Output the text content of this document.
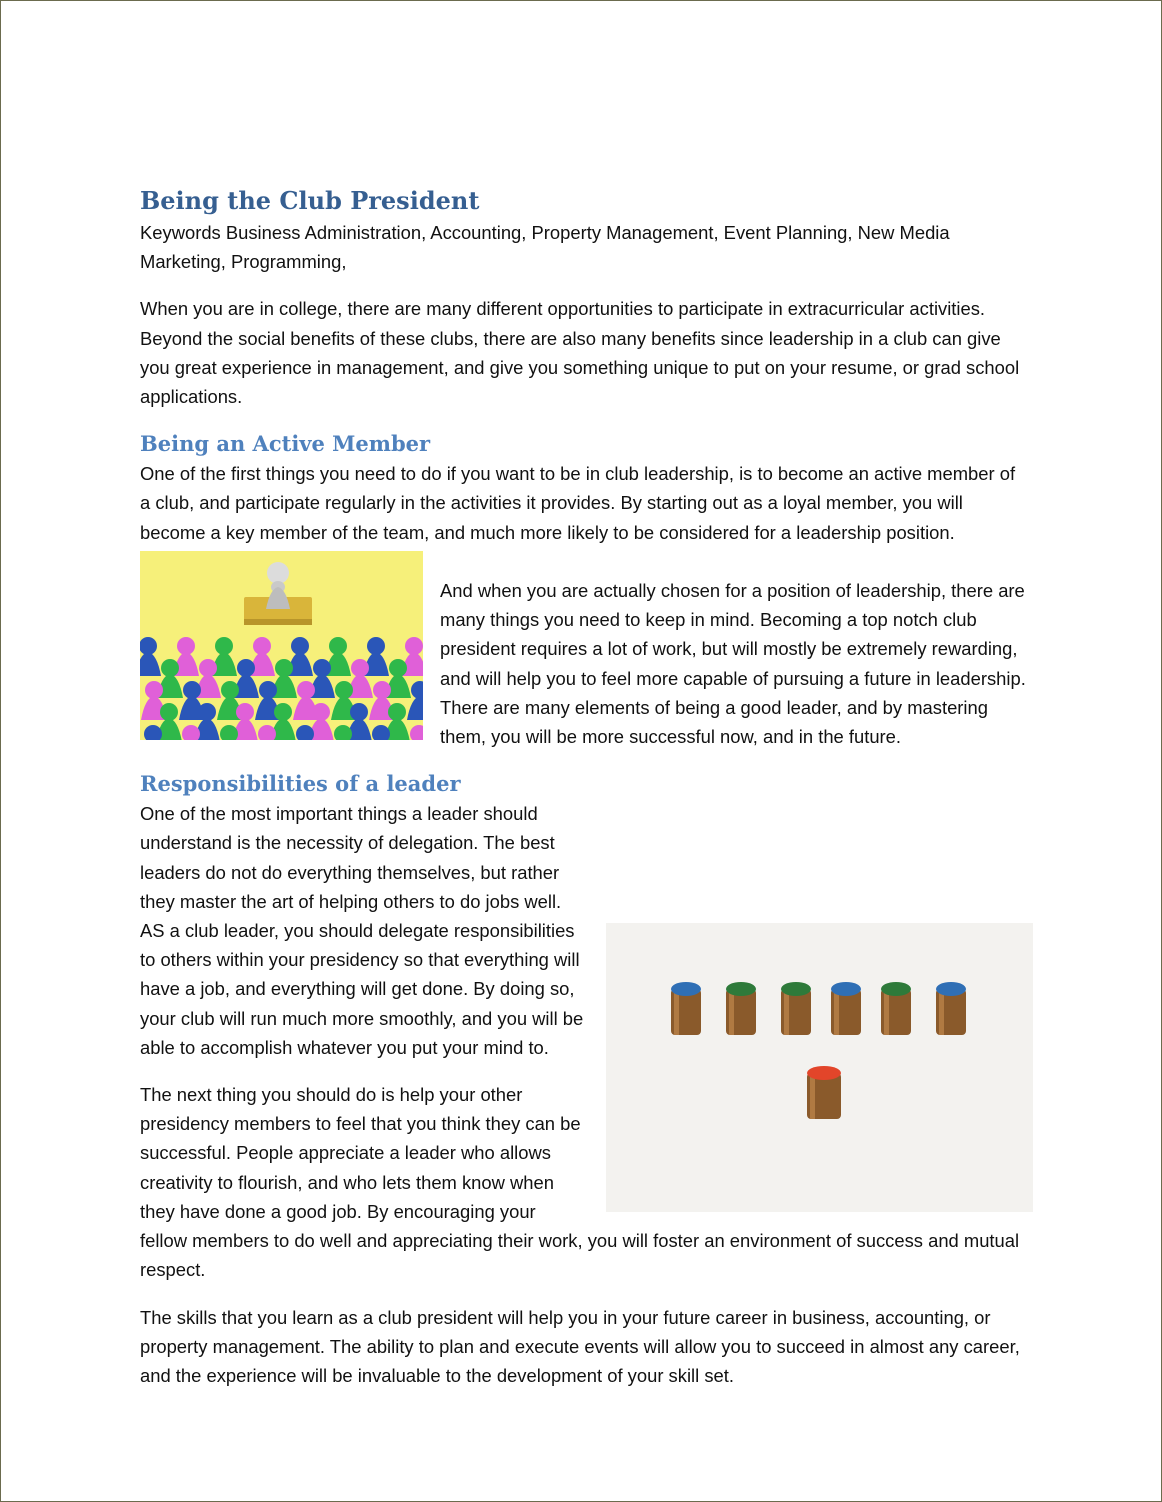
Being the Club President

Keywords Business Administration, Accounting, Property Management, Event Planning, New Media Marketing, Programming,

When you are in college, there are many different opportunities to participate in extracurricular activities. Beyond the social benefits of these clubs, there are also many benefits since leadership in a club can give you great experience in management, and give you something unique to put on your resume, or grad school applications.

Being an Active Member

One of the first things you need to do if you want to be in club leadership, is to become an active member of a club, and participate regularly in the activities it provides. By starting out as a loyal member, you will become a key member of the team, and much more likely to be considered for a leadership position.

And when you are actually chosen for a position of leadership, there are many things you need to keep in mind. Becoming a top notch club president requires a lot of work, but will mostly be extremely rewarding, and will help you to feel more capable of pursuing a future in leadership. There are many elements of being a good leader, and by mastering them, you will be more successful now, and in the future.

Responsibilities of a leader

One of the most important things a leader should understand is the necessity of delegation. The best leaders do not do everything themselves, but rather they master the art of helping others to do jobs well. AS a club leader, you should delegate responsibilities to others within your presidency so that everything will have a job, and everything will get done. By doing so, your club will run much more smoothly, and you will be able to accomplish whatever you put your mind to.

The next thing you should do is help your other presidency members to feel that you think they can be successful. People appreciate a leader who allows creativity to flourish, and who lets them know when they have done a good job. By encouraging your fellow members to do well and appreciating their work, you will foster an environment of success and mutual respect.

The skills that you learn as a club president will help you in your future career in business, accounting, or property management. The ability to plan and execute events will allow you to succeed in almost any career, and the experience will be invaluable to the development of your skill set.
